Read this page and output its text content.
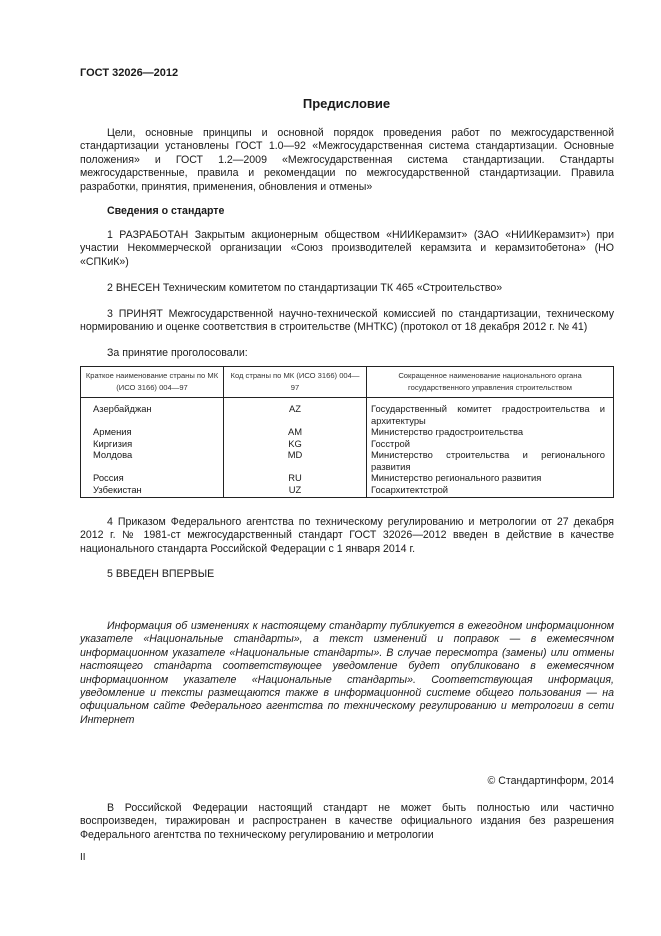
ГОСТ 32026—2012
Предисловие
Цели, основные принципы и основной порядок проведения работ по межгосударственной стандартизации установлены ГОСТ 1.0—92 «Межгосударственная система стандартизации. Основные положения» и ГОСТ 1.2—2009 «Межгосударственная система стандартизации. Стандарты межгосударственные, правила и рекомендации по межгосударственной стандартизации. Правила разработки, принятия, применения, обновления и отмены»
Сведения о стандарте
1 РАЗРАБОТАН Закрытым акционерным обществом «НИИКерамзит» (ЗАО «НИИКерамзит») при участии Некоммерческой организации «Союз производителей керамзита и керамзитобетона» (НО «СПКиК»)
2 ВНЕСЕН Техническим комитетом по стандартизации ТК 465 «Строительство»
3 ПРИНЯТ Межгосударственной научно-технической комиссией по стандартизации, техническому нормированию и оценке соответствия в строительстве (МНТКС) (протокол от 18 декабря 2012 г. № 41)
За принятие проголосовали:
Краткое наименование страны по МК (ИСО 3166) 004—97	Код страны по МК (ИСО 3166) 004—97	Сокращенное наименование национального органа государственного управления строительством
Азербайджан	AZ	Государственный комитет градостроительства и архитектуры
Армения	AM	Министерство градостроительства
Киргизия	KG	Госстрой
Молдова	MD	Министерство строительства и регионального развития
Россия	RU	Министерство регионального развития
Узбекистан	UZ	Госархитектстрой
4 Приказом Федерального агентства по техническому регулированию и метрологии от 27 декабря 2012 г. № 1981-ст межгосударственный стандарт ГОСТ 32026—2012 введен в действие в качестве национального стандарта Российской Федерации с 1 января 2014 г.
5 ВВЕДЕН ВПЕРВЫЕ
Информация об изменениях к настоящему стандарту публикуется в ежегодном информационном указателе «Национальные стандарты», а текст изменений и поправок — в ежемесячном информационном указателе «Национальные стандарты». В случае пересмотра (замены) или отмены настоящего стандарта соответствующее уведомление будет опубликовано в ежемесячном информационном указателе «Национальные стандарты». Соответствующая информация, уведомление и тексты размещаются также в информационной системе общего пользования — на официальном сайте Федерального агентства по техническому регулированию и метрологии в сети Интернет
© Стандартинформ, 2014
В Российской Федерации настоящий стандарт не может быть полностью или частично воспроизведен, тиражирован и распространен в качестве официального издания без разрешения Федерального агентства по техническому регулированию и метрологии
II
